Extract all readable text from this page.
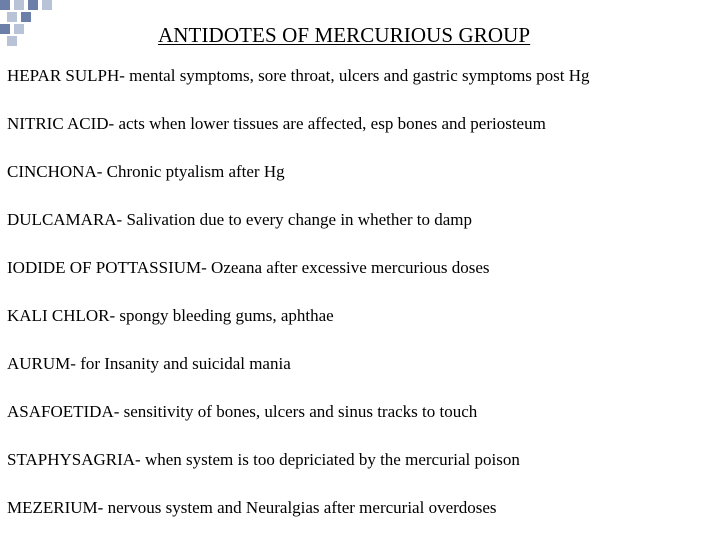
ANTIDOTES OF MERCURIOUS GROUP
HEPAR SULPH- mental symptoms, sore throat, ulcers and gastric symptoms post Hg
NITRIC ACID- acts when lower tissues are affected, esp bones and periosteum
CINCHONA- Chronic ptyalism after Hg
DULCAMARA- Salivation due to every change in whether to damp
IODIDE OF POTTASSIUM- Ozeana after excessive mercurious doses
KALI CHLOR- spongy bleeding gums, aphthae
AURUM- for Insanity and suicidal mania
ASAFOETIDA- sensitivity of bones, ulcers and sinus tracks to touch
STAPHYSAGRIA- when system is too depriciated by the mercurial poison
MEZERIUM- nervous system and Neuralgias after mercurial overdoses
